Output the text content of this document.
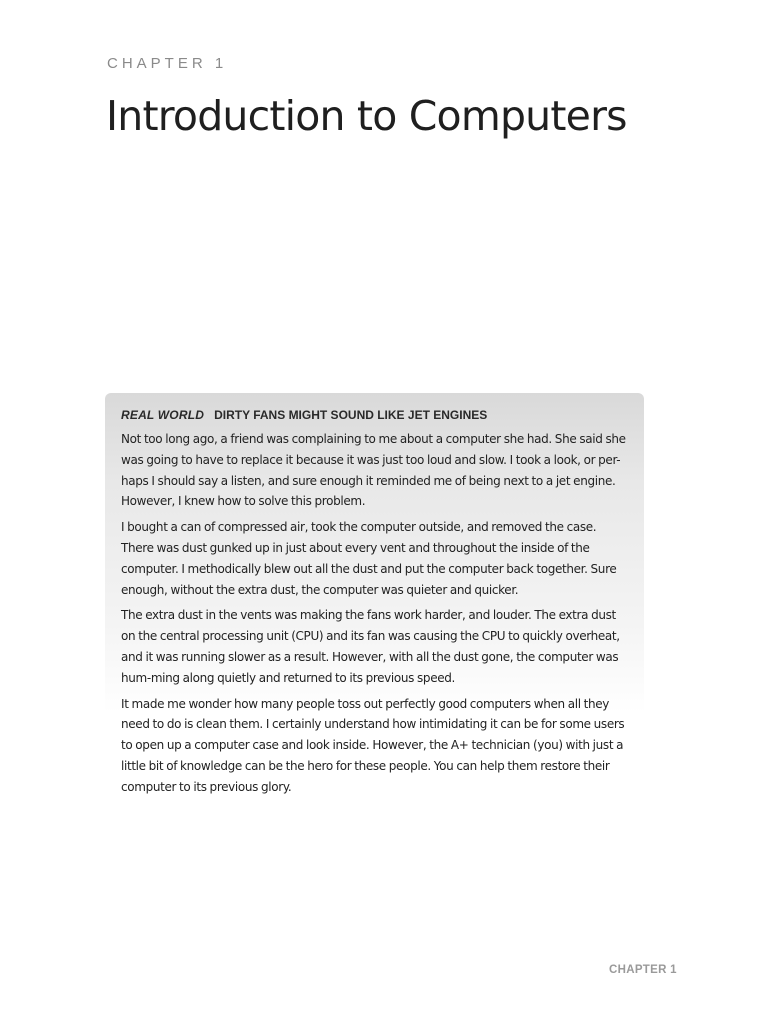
CHAPTER 1
Introduction to Computers
REAL WORLD DIRTY FANS MIGHT SOUND LIKE JET ENGINES

Not too long ago, a friend was complaining to me about a computer she had. She said she was going to have to replace it because it was just too loud and slow. I took a look, or per-haps I should say a listen, and sure enough it reminded me of being next to a jet engine. However, I knew how to solve this problem.

I bought a can of compressed air, took the computer outside, and removed the case. There was dust gunked up in just about every vent and throughout the inside of the computer. I methodically blew out all the dust and put the computer back together. Sure enough, without the extra dust, the computer was quieter and quicker.

The extra dust in the vents was making the fans work harder, and louder. The extra dust on the central processing unit (CPU) and its fan was causing the CPU to quickly overheat, and it was running slower as a result. However, with all the dust gone, the computer was hum-ming along quietly and returned to its previous speed.

It made me wonder how many people toss out perfectly good computers when all they need to do is clean them. I certainly understand how intimidating it can be for some users to open up a computer case and look inside. However, the A+ technician (you) with just a little bit of knowledge can be the hero for these people. You can help them restore their computer to its previous glory.

CHAPTER 1
